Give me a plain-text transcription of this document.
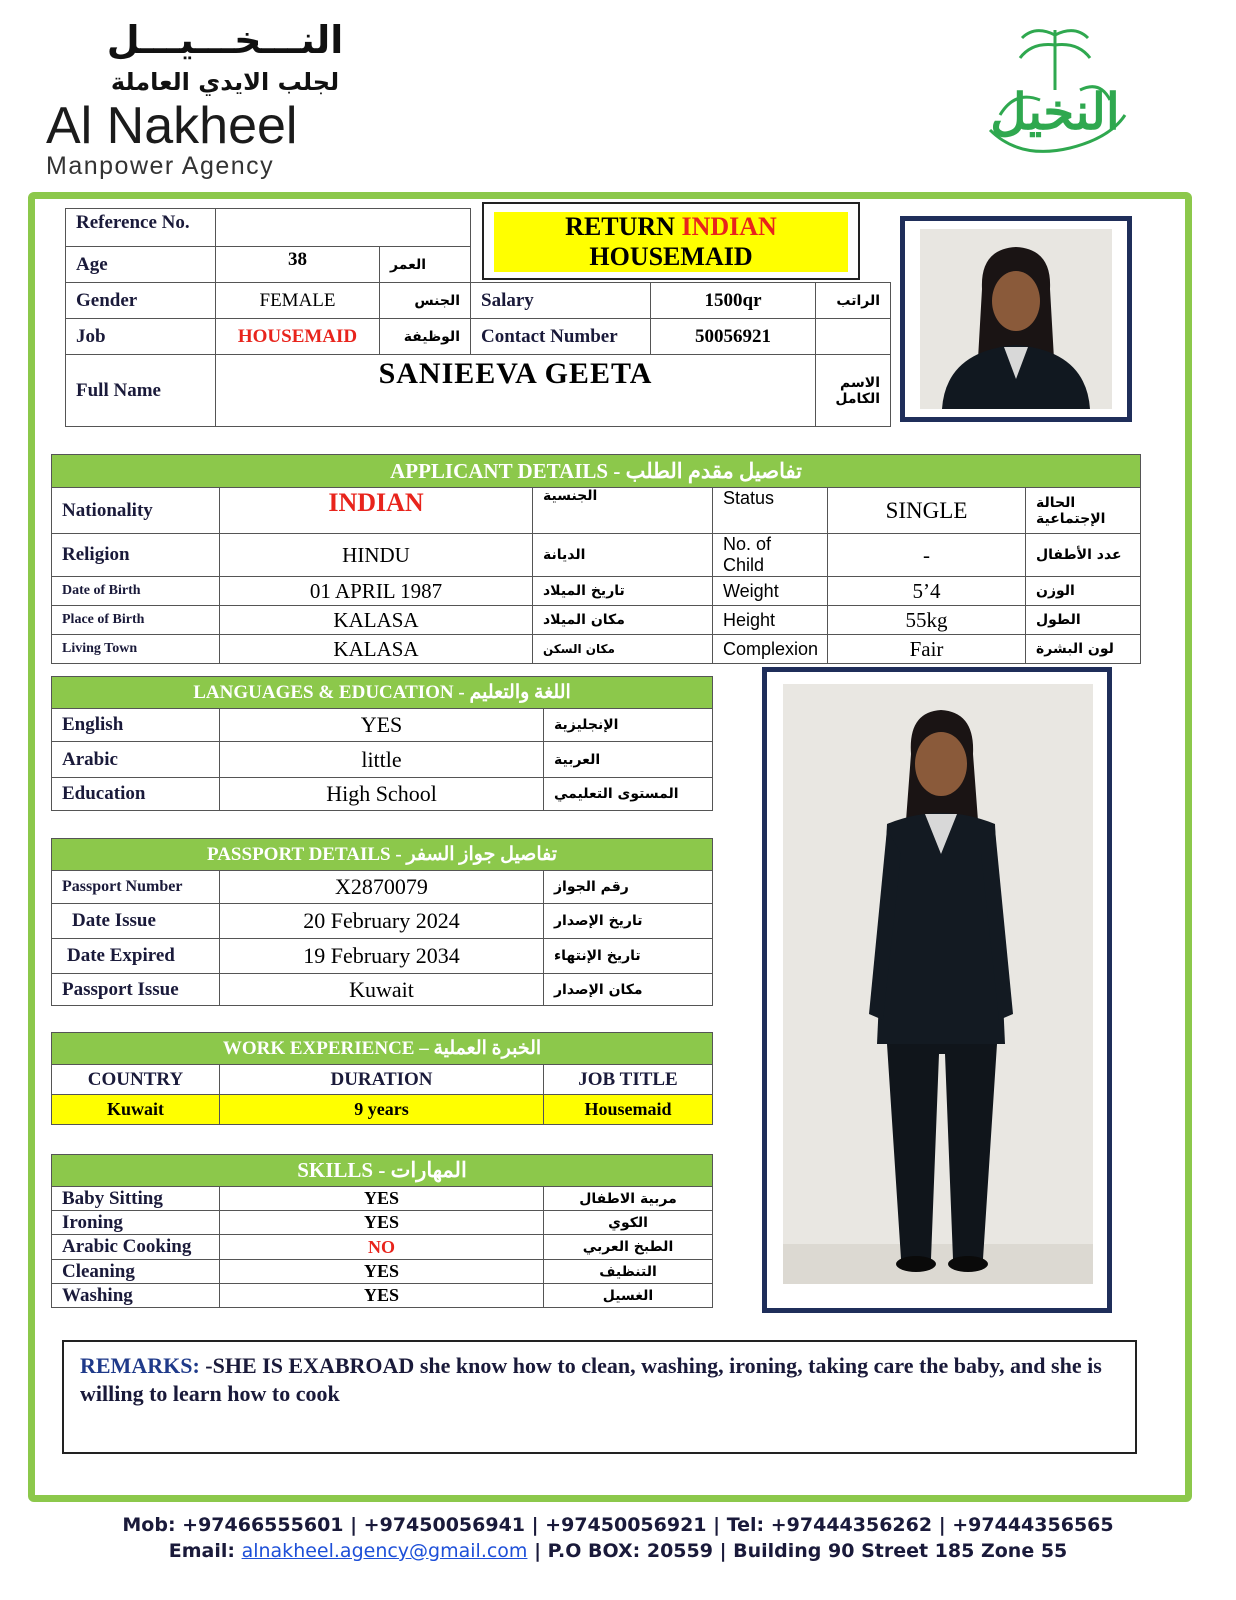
النـــخـــيـــل
لجلب الايدي العاملة
Al Nakheel
Manpower Agency
النخيل
RETURN INDIAN
HOUSEMAID
Reference No.					
Age	38	العمر			
Gender	FEMALE	الجنس	Salary	1500qr	الراتب
Job	HOUSEMAID	الوظيفة	Contact Number	50056921	
Full Name	SANIEEVA GEETA				الاسم الكامل
APPLICANT DETAILS - تفاصيل مقدم الطلب					
Nationality	INDIAN	الجنسية	Status	SINGLE	الحالة الإجتماعية
Religion	HINDU	الديانة	No. of Child	-	عدد الأطفال
Date of Birth	01 APRIL 1987	تاريخ الميلاد	Weight	5’4	الوزن
Place of Birth	KALASA	مكان الميلاد	Height	55kg	الطول
Living Town	KALASA	مكان السكن	Complexion	Fair	لون البشرة
LANGUAGES & EDUCATION - اللغة والتعليم		
English	YES	الإنجليزية
Arabic	little	العربية
Education	High School	المستوى التعليمي
PASSPORT DETAILS - تفاصيل جواز السفر		
Passport Number	X2870079	رقم الجواز
Date Issue	20 February 2024	تاريخ الإصدار
Date Expired	19 February 2034	تاريخ الإنتهاء
Passport Issue	Kuwait	مكان الإصدار
WORK EXPERIENCE – الخبرة العملية		
COUNTRY	DURATION	JOB TITLE
Kuwait	9 years	Housemaid
SKILLS - المهارات		
Baby Sitting	YES	مربية الاطفال
Ironing	YES	الكوي
Arabic Cooking	NO	الطبخ العربي
Cleaning	YES	التنظيف
Washing	YES	الغسيل
REMARKS: -SHE IS EXABROAD she know how to clean, washing, ironing, taking care the baby, and she is willing to learn how to cook
Mob: +97466555601 | +97450056941 | +97450056921 | Tel: +97444356262 | +97444356565
Email: alnakheel.agency@gmail.com | P.O BOX: 20559 | Building 90 Street 185 Zone 55
